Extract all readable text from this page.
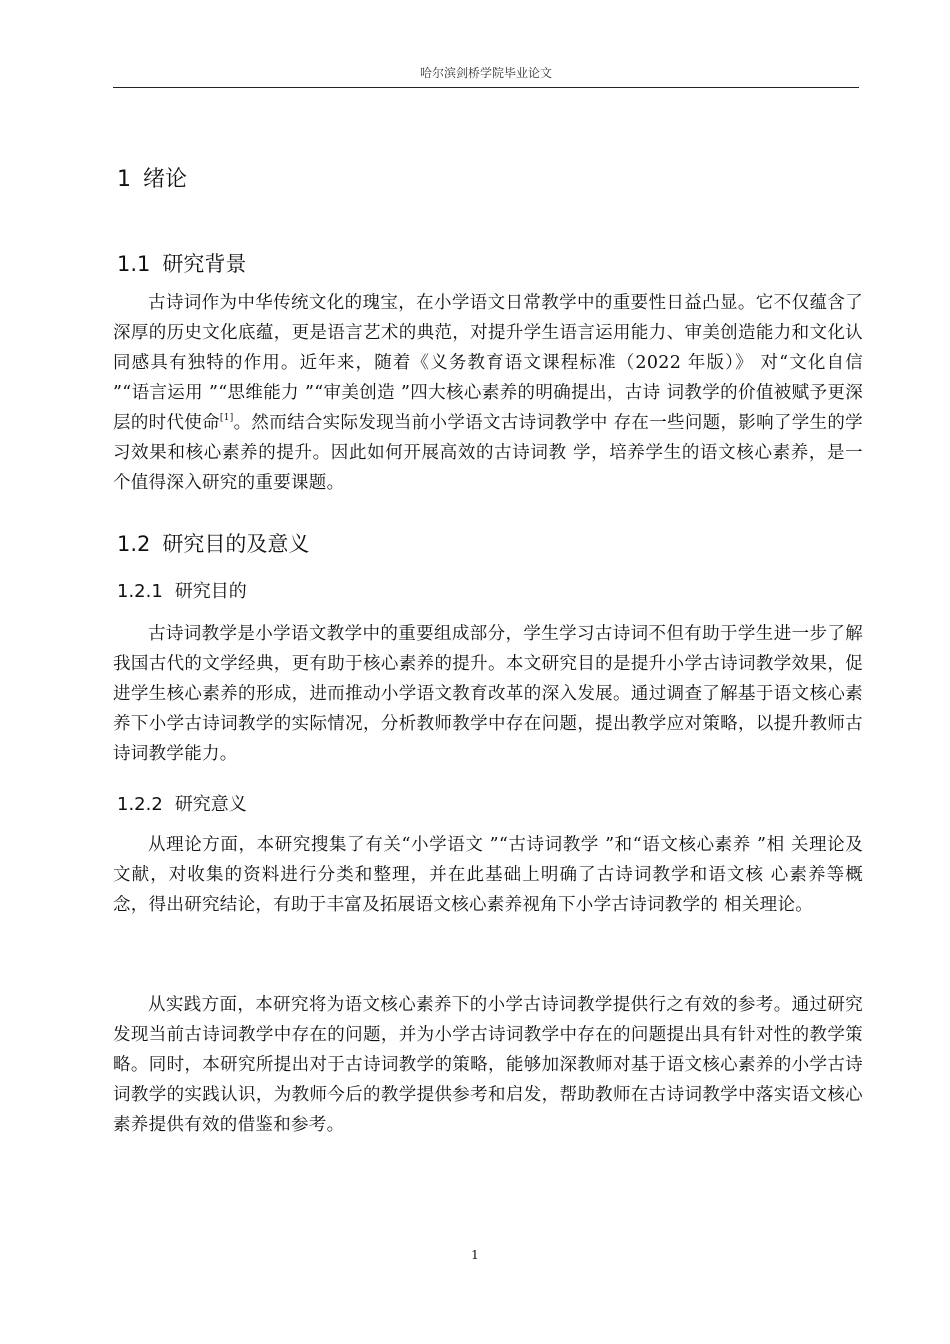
哈尔滨剑桥学院毕业论文
1 绪论
1.1 研究背景

古诗词作为中华传统文化的瑰宝，在小学语文日常教学中的重要性日益凸显。它不仅蕴含了深厚的历史文化底蕴，更是语言艺术的典范，对提升学生语言运用能力、审美创造能力和文化认同感具有独特的作用。近年来，随着《义务教育语文课程标准（2022 年版）》 对“文化自信 ”“语言运用 ”“思维能力 ”“审美创造 ”四大核心素养的明确提出，古诗 词教学的价值被赋予更深层的时代使命[1]。然而结合实际发现当前小学语文古诗词教学中 存在一些问题，影响了学生的学习效果和核心素养的提升。因此如何开展高效的古诗词教 学，培养学生的语文核心素养，是一个值得深入研究的重要课题。

1.2 研究目的及意义
1.2.1 研究目的

古诗词教学是小学语文教学中的重要组成部分，学生学习古诗词不但有助于学生进一步了解我国古代的文学经典，更有助于核心素养的提升。本文研究目的是提升小学古诗词教学效果，促进学生核心素养的形成，进而推动小学语文教育改革的深入发展。通过调查了解基于语文核心素养下小学古诗词教学的实际情况，分析教师教学中存在问题，提出教学应对策略，以提升教师古诗词教学能力。

1.2.2 研究意义

从理论方面，本研究搜集了有关“小学语文 ”“古诗词教学 ”和“语文核心素养 ”相 关理论及文献，对收集的资料进行分类和整理，并在此基础上明确了古诗词教学和语文核 心素养等概念，得出研究结论，有助于丰富及拓展语文核心素养视角下小学古诗词教学的 相关理论。

从实践方面，本研究将为语文核心素养下的小学古诗词教学提供行之有效的参考。通过研究发现当前古诗词教学中存在的问题，并为小学古诗词教学中存在的问题提出具有针对性的教学策略。同时，本研究所提出对于古诗词教学的策略，能够加深教师对基于语文核心素养的小学古诗词教学的实践认识，为教师今后的教学提供参考和启发，帮助教师在古诗词教学中落实语文核心素养提供有效的借鉴和参考。

1
